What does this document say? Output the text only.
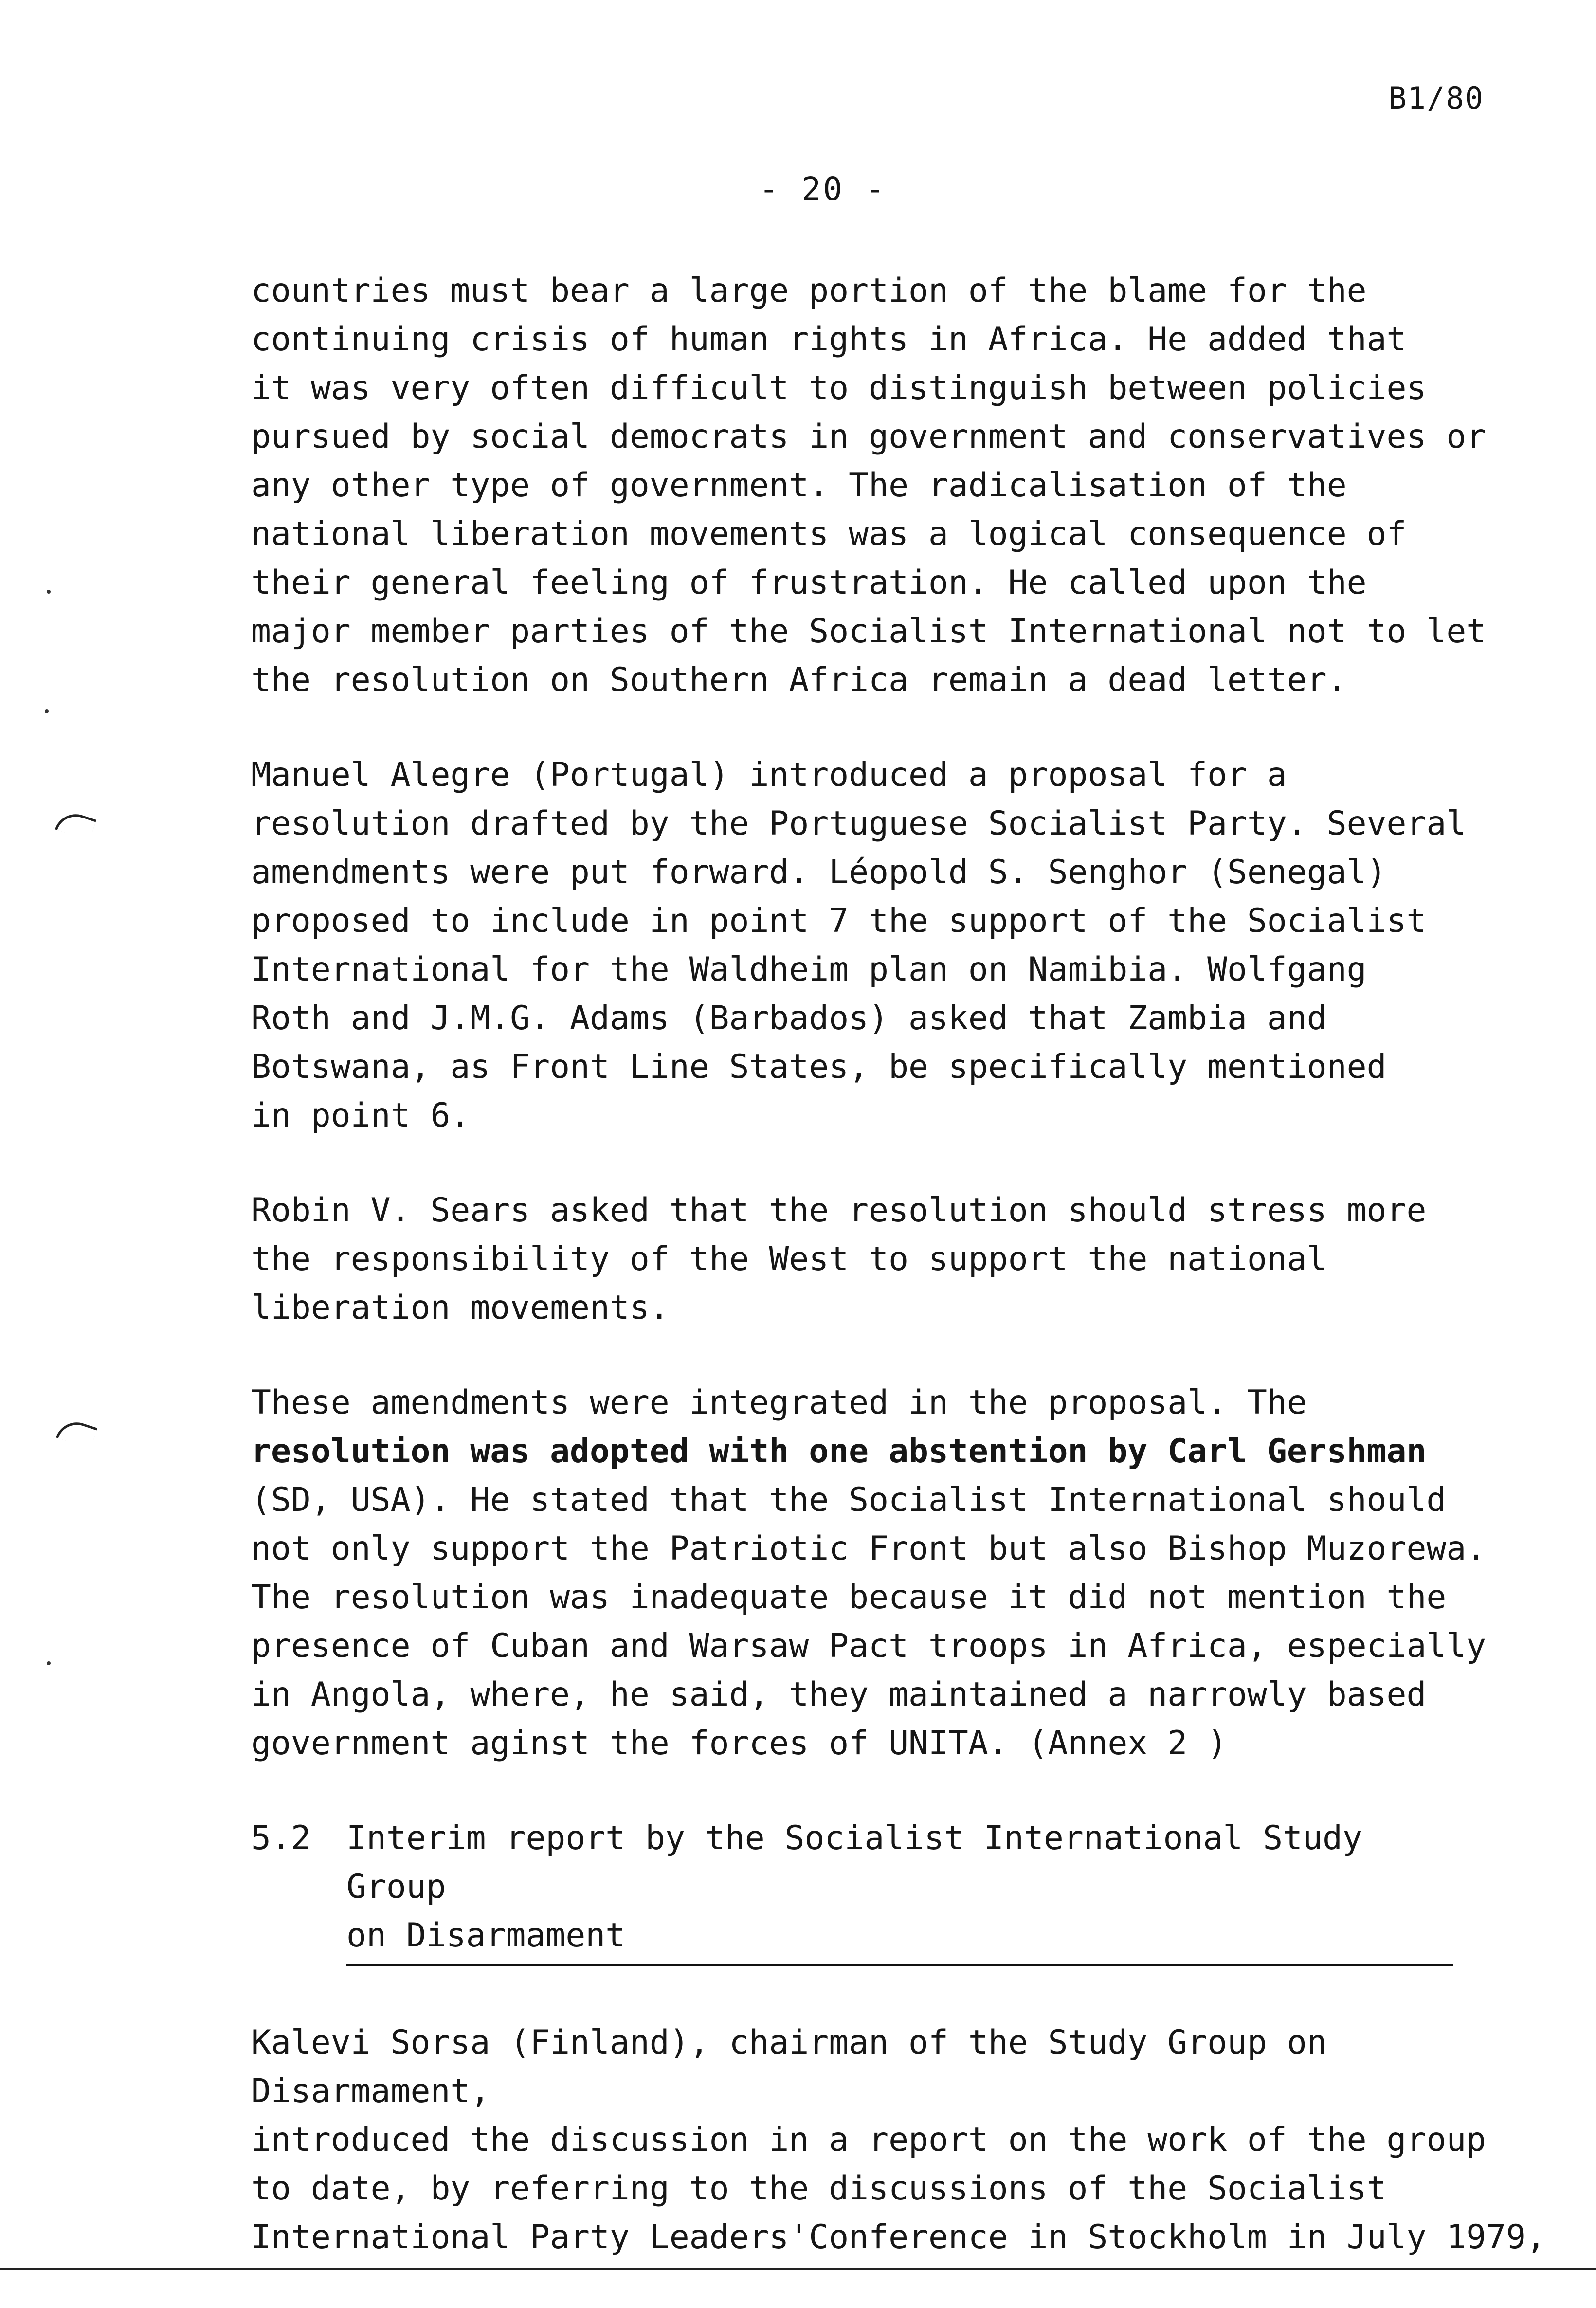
B1/80
- 20 -

countries must bear a large portion of the blame for the
continuing crisis of human rights in Africa. He added that
it was very often difficult to distinguish between policies
pursued by social democrats in government and conservatives or
any other type of government. The radicalisation of the
national liberation movements was a logical consequence of
their general feeling of frustration. He called upon the
major member parties of the Socialist International not to let
the resolution on Southern Africa remain a dead letter.

Manuel Alegre (Portugal) introduced a proposal for a
resolution drafted by the Portuguese Socialist Party. Several
amendments were put forward. Léopold S. Senghor (Senegal)
proposed to include in point 7 the support of the Socialist
International for the Waldheim plan on Namibia. Wolfgang
Roth and J.M.G. Adams (Barbados) asked that Zambia and
Botswana, as Front Line States, be specifically mentioned
in point 6.

Robin V. Sears asked that the resolution should stress more
the responsibility of the West to support the national
liberation movements.

These amendments were integrated in the proposal. The
resolution was adopted with one abstention by Carl Gershman
(SD, USA). He stated that the Socialist International should
not only support the Patriotic Front but also Bishop Muzorewa.
The resolution was inadequate because it did not mention the
presence of Cuban and Warsaw Pact troops in Africa, especially
in Angola, where, he said, they maintained a narrowly based
government aginst the forces of UNITA. (Annex 2 )

5.2	Interim report by the Socialist International Study Group
on Disarmament

Kalevi Sorsa (Finland), chairman of the Study Group on Disarmament,
introduced the discussion in a report on the work of the group
to date, by referring to the discussions of the Socialist
International Party Leaders'Conference in Stockholm in July 1979,
